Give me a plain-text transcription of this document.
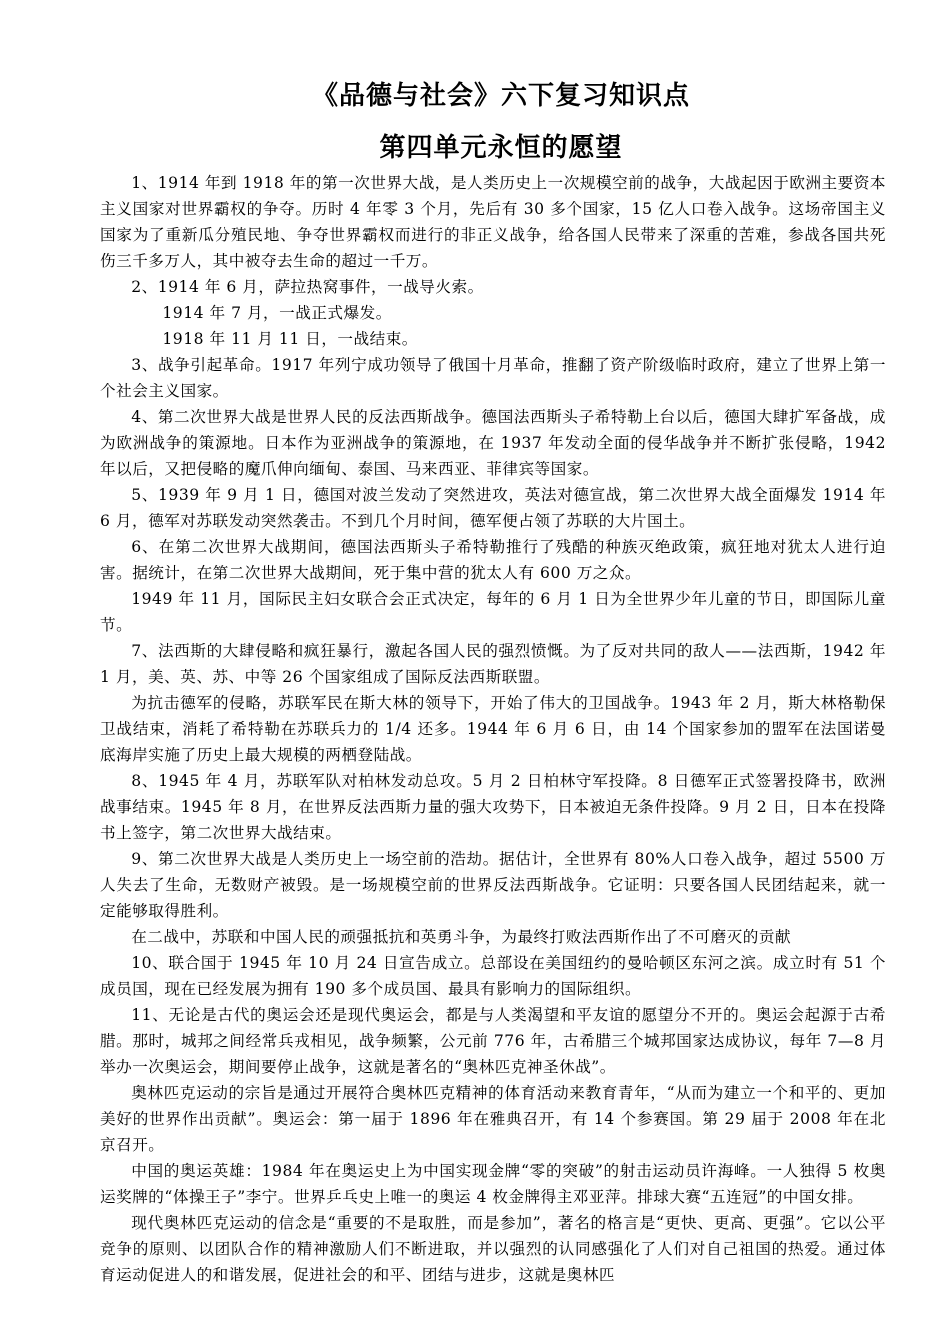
《品德与社会》六下复习知识点
第四单元永恒的愿望

1、1914 年到 1918 年的第一次世界大战，是人类历史上一次规模空前的战争，大战起因于欧洲主要资本主义国家对世界霸权的争夺。历时 4 年零 3 个月，先后有 30 多个国家，15 亿人口卷入战争。这场帝国主义国家为了重新瓜分殖民地、争夺世界霸权而进行的非正义战争，给各国人民带来了深重的苦难，参战各国共死伤三千多万人，其中被夺去生命的超过一千万。

2、1914 年 6 月，萨拉热窝事件，一战导火索。

1914 年 7 月，一战正式爆发。

1918 年 11 月 11 日，一战结束。

3、战争引起革命。1917 年列宁成功领导了俄国十月革命，推翻了资产阶级临时政府，建立了世界上第一个社会主义国家。

4、第二次世界大战是世界人民的反法西斯战争。德国法西斯头子希特勒上台以后，德国大肆扩军备战，成为欧洲战争的策源地。日本作为亚洲战争的策源地，在 1937 年发动全面的侵华战争并不断扩张侵略，1942 年以后，又把侵略的魔爪伸向缅甸、泰国、马来西亚、菲律宾等国家。

5、1939 年 9 月 1 日，德国对波兰发动了突然进攻，英法对德宣战，第二次世界大战全面爆发 1914 年 6 月，德军对苏联发动突然袭击。不到几个月时间，德军便占领了苏联的大片国土。

6、在第二次世界大战期间，德国法西斯头子希特勒推行了残酷的种族灭绝政策，疯狂地对犹太人进行迫害。据统计，在第二次世界大战期间，死于集中营的犹太人有 600 万之众。

1949 年 11 月，国际民主妇女联合会正式决定，每年的 6 月 1 日为全世界少年儿童的节日，即国际儿童节。

7、法西斯的大肆侵略和疯狂暴行，激起各国人民的强烈愤慨。为了反对共同的敌人——法西斯，1942 年 1 月，美、英、苏、中等 26 个国家组成了国际反法西斯联盟。

为抗击德军的侵略，苏联军民在斯大林的领导下，开始了伟大的卫国战争。1943 年 2 月，斯大林格勒保卫战结束，消耗了希特勒在苏联兵力的 1/4 还多。1944 年 6 月 6 日，由 14 个国家参加的盟军在法国诺曼底海岸实施了历史上最大规模的两栖登陆战。

8、1945 年 4 月，苏联军队对柏林发动总攻。5 月 2 日柏林守军投降。8 日德军正式签署投降书，欧洲战事结束。1945 年 8 月，在世界反法西斯力量的强大攻势下，日本被迫无条件投降。9 月 2 日，日本在投降书上签字，第二次世界大战结束。

9、第二次世界大战是人类历史上一场空前的浩劫。据估计，全世界有 80%人口卷入战争，超过 5500 万人失去了生命，无数财产被毁。是一场规模空前的世界反法西斯战争。它证明：只要各国人民团结起来，就一定能够取得胜利。

在二战中，苏联和中国人民的顽强抵抗和英勇斗争，为最终打败法西斯作出了不可磨灭的贡献

10、联合国于 1945 年 10 月 24 日宣告成立。总部设在美国纽约的曼哈顿区东河之滨。成立时有 51 个成员国，现在已经发展为拥有 190 多个成员国、最具有影响力的国际组织。

11、无论是古代的奥运会还是现代奥运会，都是与人类渴望和平友谊的愿望分不开的。奥运会起源于古希腊。那时，城邦之间经常兵戎相见，战争频繁，公元前 776 年，古希腊三个城邦国家达成协议，每年 7—8 月举办一次奥运会，期间要停止战争，这就是著名的“奥林匹克神圣休战”。

奥林匹克运动的宗旨是通过开展符合奥林匹克精神的体育活动来教育青年，“从而为建立一个和平的、更加美好的世界作出贡献”。奥运会：第一届于 1896 年在雅典召开，有 14 个参赛国。第 29 届于 2008 年在北京召开。

中国的奥运英雄：1984 年在奥运史上为中国实现金牌“零的突破”的射击运动员许海峰。一人独得 5 枚奥运奖牌的“体操王子”李宁。世界乒乓史上唯一的奥运 4 枚金牌得主邓亚萍。排球大赛“五连冠”的中国女排。

现代奥林匹克运动的信念是“重要的不是取胜，而是参加”，著名的格言是“更快、更高、更强”。它以公平竞争的原则、以团队合作的精神激励人们不断进取，并以强烈的认同感强化了人们对自己祖国的热爱。通过体育运动促进人的和谐发展，促进社会的和平、团结与进步，这就是奥林匹
